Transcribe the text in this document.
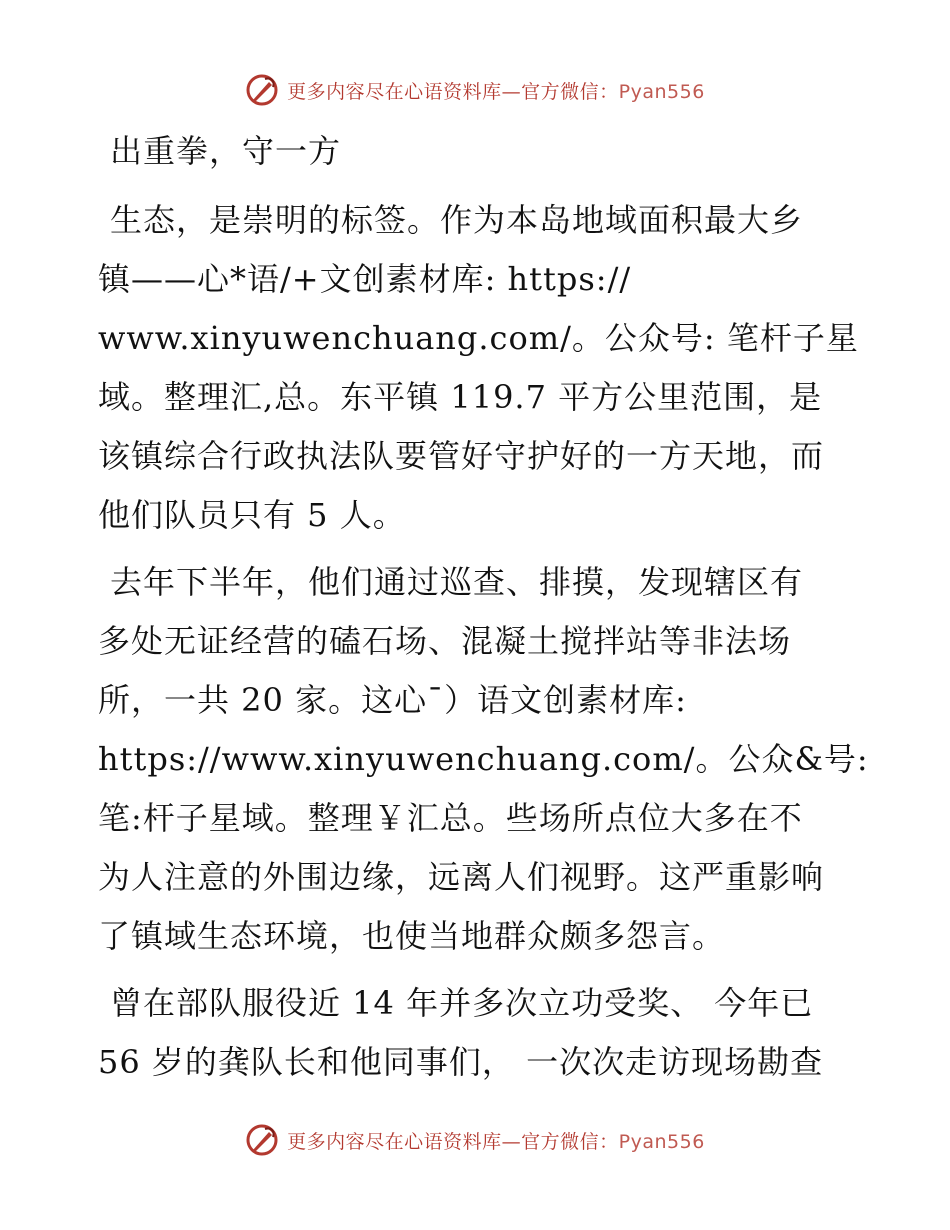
更多内容尽在心语资料库—官方微信：Pyan556
出重拳，守一方
生态，是崇明的标签。作为本岛地域面积最大乡
镇——心*语/+文创素材库: https://
www.xinyuwenchuang.com/。公众号: 笔杆子星
域。整理汇,总。东平镇 119.7 平方公里范围，是
该镇综合行政执法队要管好守护好的一方天地，而
他们队员只有 5 人。
去年下半年，他们通过巡查、排摸，发现辖区有
多处无证经营的磕石场、混凝土搅拌站等非法场
所，一共 20 家。这心¯）语文创素材库:
https://www.xinyuwenchuang.com/。公众&号:
笔:杆子星域。整理￥汇总。些场所点位大多在不
为人注意的外围边缘，远离人们视野。这严重影响
了镇域生态环境，也使当地群众颇多怨言。
曾在部队服役近 14 年并多次立功受奖、 今年已
56 岁的龚队长和他同事们， 一次次走访现场勘查
更多内容尽在心语资料库—官方微信：Pyan556
